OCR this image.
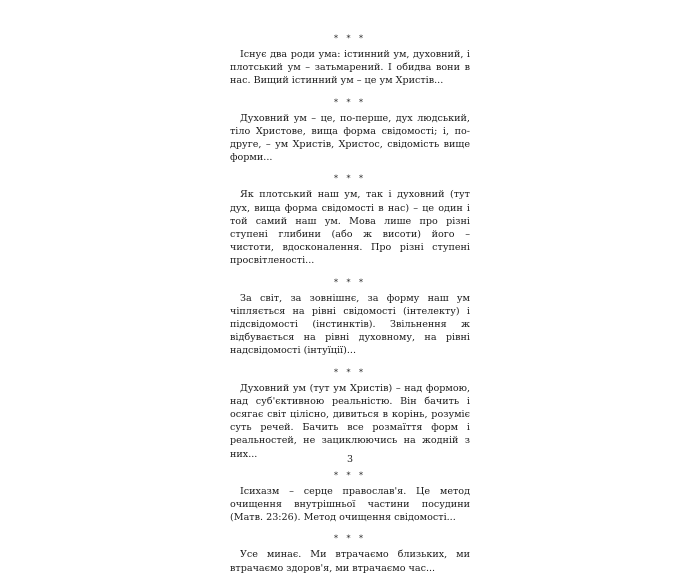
* * *

Існує два роди ума: істинний ум, духовний, і плотський ум – затьмарений. І обидва вони в нас. Вищий істинний ум – це ум Христів...

* * *

Духовний ум – це, по-перше, дух людський, тіло Христове, вища форма свідомості; і, по-друге, – ум Христів, Христос, свідомість вище форми...

* * *

Як плотський наш ум, так і духовний (тут дух, вища форма свідомості в нас) – це один і той самий наш ум. Мова лише про різні ступені глибини (або ж висоти) його – чистоти, вдосконалення. Про різні ступені просвітленості...

* * *

За світ, за зовнішнє, за форму наш ум чіпляється на рівні свідомості (інтелекту) і підсвідомості (інстинктів). Звільнення ж відбувається на рівні духовному, на рівні надсвідомості (інтуїції)...

* * *

Духовний ум (тут ум Христів) – над формою, над суб'єктивною реальністю. Він бачить і осягає світ цілісно, дивиться в корінь, розуміє суть речей. Бачить все розмаїття форм і реальностей, не зациклюючись на жодній з них...

* * *

Ісихазм – серце православ'я. Це метод очищення внутрішньої частини посудини (Матв. 23:26). Метод очищення свідомості...

* * *

Усе минає. Ми втрачаємо близьких, ми втрачаємо здоров'я, ми втрачаємо час...

3
